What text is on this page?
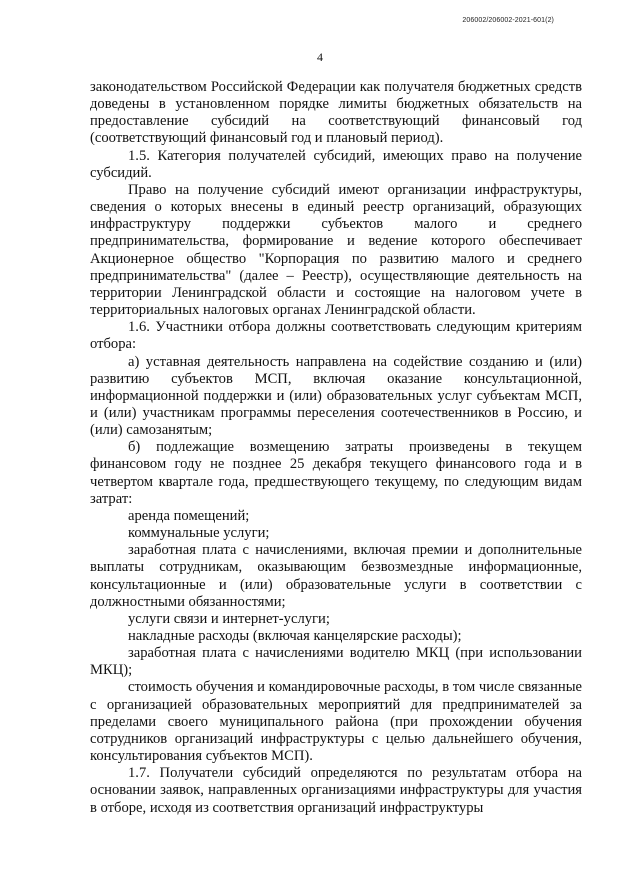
206002/206002-2021-601(2)
4

законодательством Российской Федерации как получателя бюджетных средств доведены в установленном порядке лимиты бюджетных обязательств на предоставление субсидий на соответствующий финансовый год (соответствующий финансовый год и плановый период).

1.5. Категория получателей субсидий, имеющих право на получение субсидий.

Право на получение субсидий имеют организации инфраструктуры, сведения о которых внесены в единый реестр организаций, образующих инфраструктуру поддержки субъектов малого и среднего предпринимательства, формирование и ведение которого обеспечивает Акционерное общество "Корпорация по развитию малого и среднего предпринимательства" (далее – Реестр), осуществляющие деятельность на территории Ленинградской области и состоящие на налоговом учете в территориальных налоговых органах Ленинградской области.

1.6. Участники отбора должны соответствовать следующим критериям отбора:

а) уставная деятельность направлена на содействие созданию и (или) развитию субъектов МСП, включая оказание консультационной, информационной поддержки и (или) образовательных услуг субъектам МСП, и (или) участникам программы переселения соотечественников в Россию, и (или) самозанятым;

б) подлежащие возмещению затраты произведены в текущем финансовом году не позднее 25 декабря текущего финансового года и в четвертом квартале года, предшествующего текущему, по следующим видам затрат:

аренда помещений;

коммунальные услуги;

заработная плата с начислениями, включая премии и дополнительные выплаты сотрудникам, оказывающим безвозмездные информационные, консультационные и (или) образовательные услуги в соответствии с должностными обязанностями;

услуги связи и интернет-услуги;

накладные расходы (включая канцелярские расходы);

заработная плата с начислениями водителю МКЦ (при использовании МКЦ);

стоимость обучения и командировочные расходы, в том числе связанные с организацией образовательных мероприятий для предпринимателей за пределами своего муниципального района (при прохождении обучения сотрудников организаций инфраструктуры с целью дальнейшего обучения, консультирования субъектов МСП).

1.7. Получатели субсидий определяются по результатам отбора на основании заявок, направленных организациями инфраструктуры для участия в отборе, исходя из соответствия организаций инфраструктуры
